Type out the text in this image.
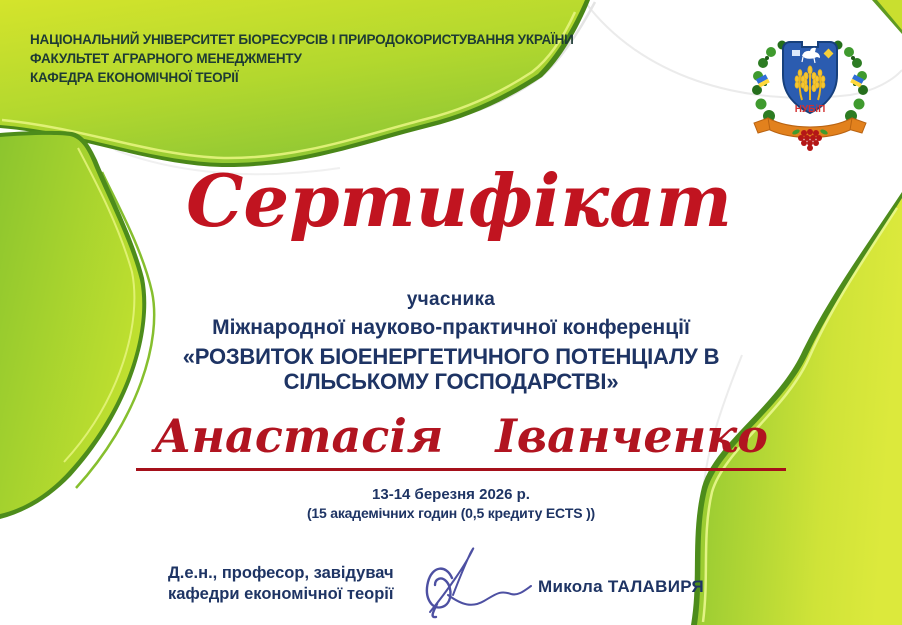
НАЦІОНАЛЬНИЙ УНІВЕРСИТЕТ БІОРЕСУРСІВ І ПРИРОДОКОРИСТУВАННЯ УКРАЇНИ
ФАКУЛЬТЕТ АГРАРНОГО МЕНЕДЖМЕНТУ
КАФЕДРА ЕКОНОМІЧНОЇ ТЕОРІЇ
НУБіП
Сертифікат
учасника
Міжнародної науково-практичної конференції
«РОЗВИТОК БІОЕНЕРГЕТИЧНОГО ПОТЕНЦІАЛУ В
СІЛЬСЬКОМУ ГОСПОДАРСТВІ»
Анастасія Іванченко
13-14 березня 2026 р.
(15 академічних годин (0,5 кредиту ECTS ))
Д.е.н., професор, завідувач
кафедри економічної теорії	Микола ТАЛАВИРЯ
